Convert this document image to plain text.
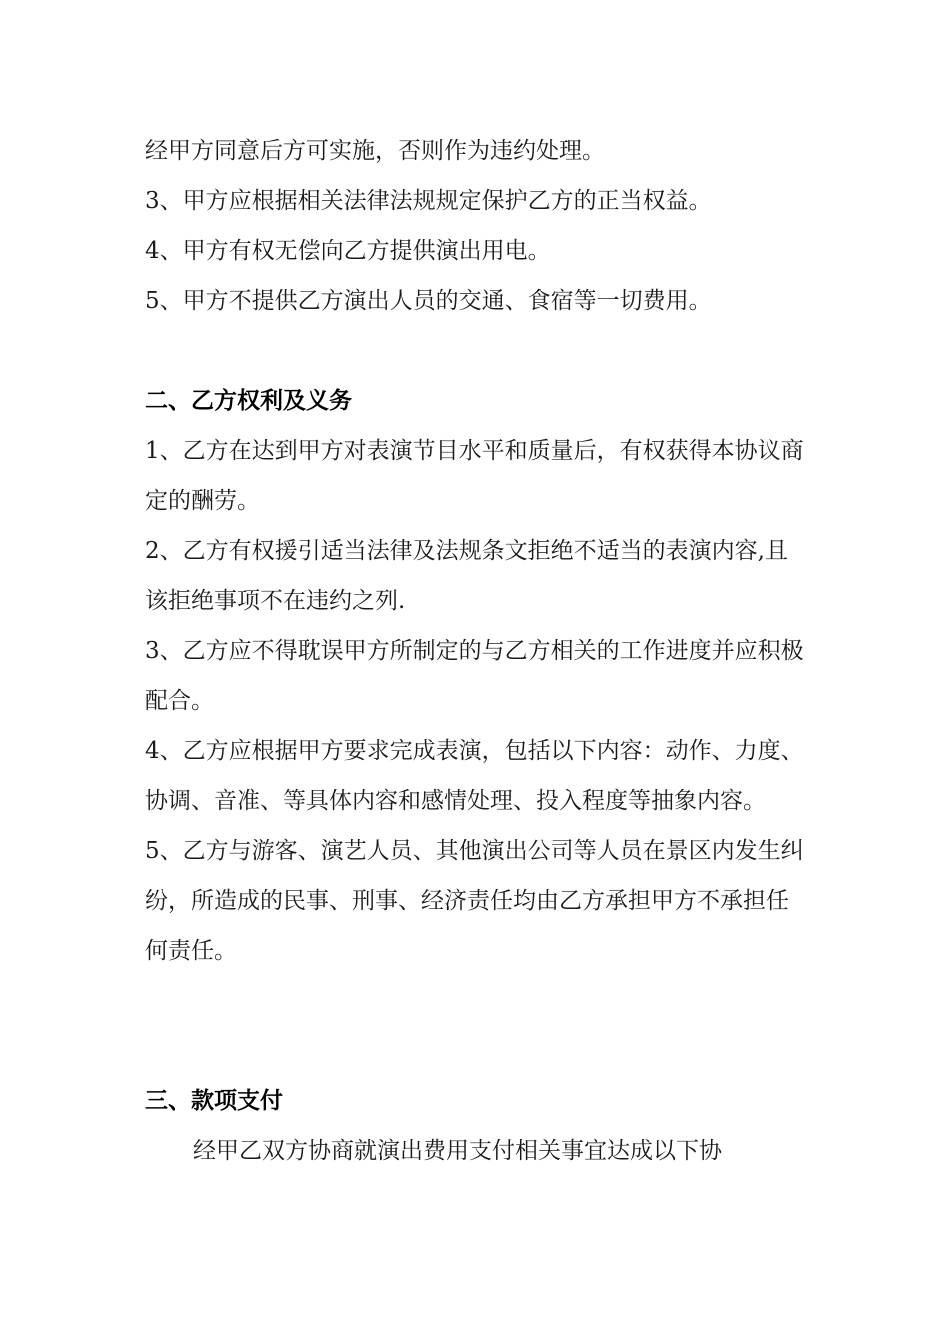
经甲方同意后方可实施，否则作为违约处理。

3、甲方应根据相关法律法规规定保护乙方的正当权益。

4、甲方有权无偿向乙方提供演出用电。

5、甲方不提供乙方演出人员的交通、食宿等一切费用。

二、乙方权利及义务

1、乙方在达到甲方对表演节目水平和质量后，有权获得本协议商定的酬劳。

2、乙方有权援引适当法律及法规条文拒绝不适当的表演内容,且该拒绝事项不在违约之列.

3、乙方应不得耽误甲方所制定的与乙方相关的工作进度并应积极配合。

4、乙方应根据甲方要求完成表演，包括以下内容：动作、力度、协调、音准、等具体内容和感情处理、投入程度等抽象内容。

5、乙方与游客、演艺人员、其他演出公司等人员在景区内发生纠纷，所造成的民事、刑事、经济责任均由乙方承担甲方不承担任何责任。

三、款项支付

经甲乙双方协商就演出费用支付相关事宜达成以下协
